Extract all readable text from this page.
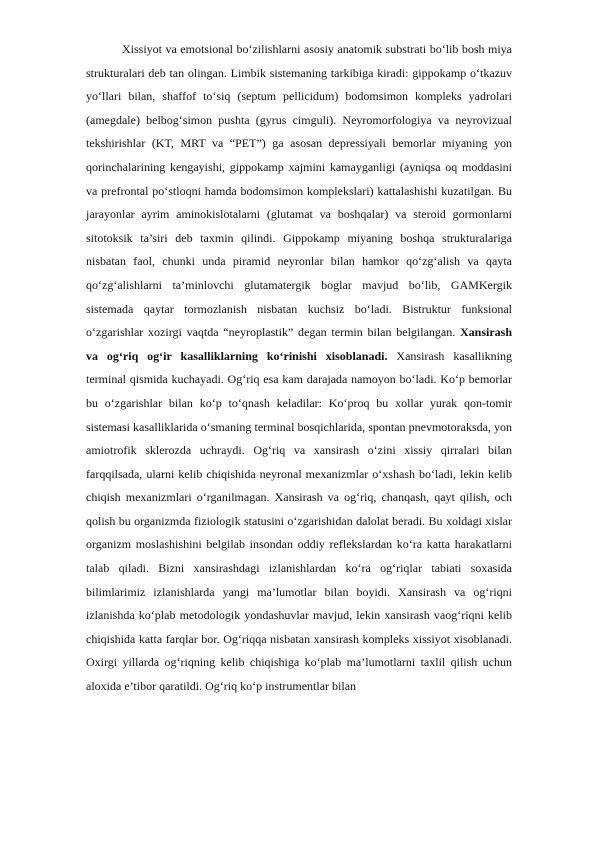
Xissiyot va emotsional bo‘zilishlarni asosiy anatomik substrati bo‘lib bosh miya strukturalari deb tan olingan. Limbik sistemaning tarkibiga kiradi: gippokamp o‘tkazuv yo‘llari bilan, shaffof to‘siq (septum pellicidum) bodomsimon kompleks yadrolari (amegdale) belbog‘simon pushta (gyrus cimguli). Neyromorfologiya va neyrovizual tekshirishlar (KT, MRT va “PET”) ga asosan depressiyali bemorlar miyaning yon qorinchalarining kengayishi, gippokamp xajmini kamayganligi (ayniqsa oq moddasini va prefrontal po‘stloqni hamda bodomsimon komplekslari) kattalashishi kuzatilgan. Bu jarayonlar ayrim aminokislotalarni (glutamat va boshqalar) va steroid gormonlarni sitotoksik ta’siri deb taxmin qilindi. Gippokamp miyaning boshqa strukturalariga nisbatan faol, chunki unda piramid neyronlar bilan hamkor qo‘zg‘alish va qayta qo‘zg‘alishlarni ta’minlovchi glutamatergik boglar mavjud bo‘lib, GAMKergik sistemada qaytar tormozlanish nisbatan kuchsiz bo‘ladi. Bistruktur funksional o‘zgarishlar xozirgi vaqtda “neyroplastik” degan termin bilan belgilangan. Xansirash va og‘riq og‘ir kasalliklarning ko‘rinishi xisoblanadi. Xansirash kasallikning terminal qismida kuchayadi. Og‘riq esa kam darajada namoyon bo‘ladi. Ko‘p bemorlar bu o‘zgarishlar bilan ko‘p to‘qnash keladilar: Ko‘proq bu xollar yurak qon-tomir sistemasi kasalliklarida o‘smaning terminal bosqichlarida, spontan pnevmotoraksda, yon amiotrofik sklerozda uchraydi. Og‘riq va xansirash o‘zini xissiy qirralari bilan farqqilsada, ularni kelib chiqishida neyronal mexanizmlar o‘xshash bo‘ladi, lekin kelib chiqish mexanizmlari o‘rganilmagan. Xansirash va og‘riq, chanqash, qayt qilish, och qolish bu organizmda fiziologik statusini o‘zgarishidan dalolat beradi. Bu xoldagi xislar organizm moslashishini belgilab insondan oddiy reflekslardan ko‘ra katta harakatlarni talab qiladi. Bizni xansirashdagi izlanishlardan ko‘ra og‘riqlar tabiati soxasida bilimlarimiz izlanishlarda yangi ma’lumotlar bilan boyidi. Xansirash va og‘riqni izlanishda ko‘plab metodologik yondashuvlar mavjud, lekin xansirash vaog‘riqni kelib chiqishida katta farqlar bor. Og‘riqqa nisbatan xansirash kompleks xissiyot xisoblanadi. Oxirgi yillarda og‘riqning kelib chiqishiga ko‘plab ma’lumotlarni taxlil qilish uchun aloxida e’tibor qaratildi. Og‘riq ko‘p instrumentlar bilan
